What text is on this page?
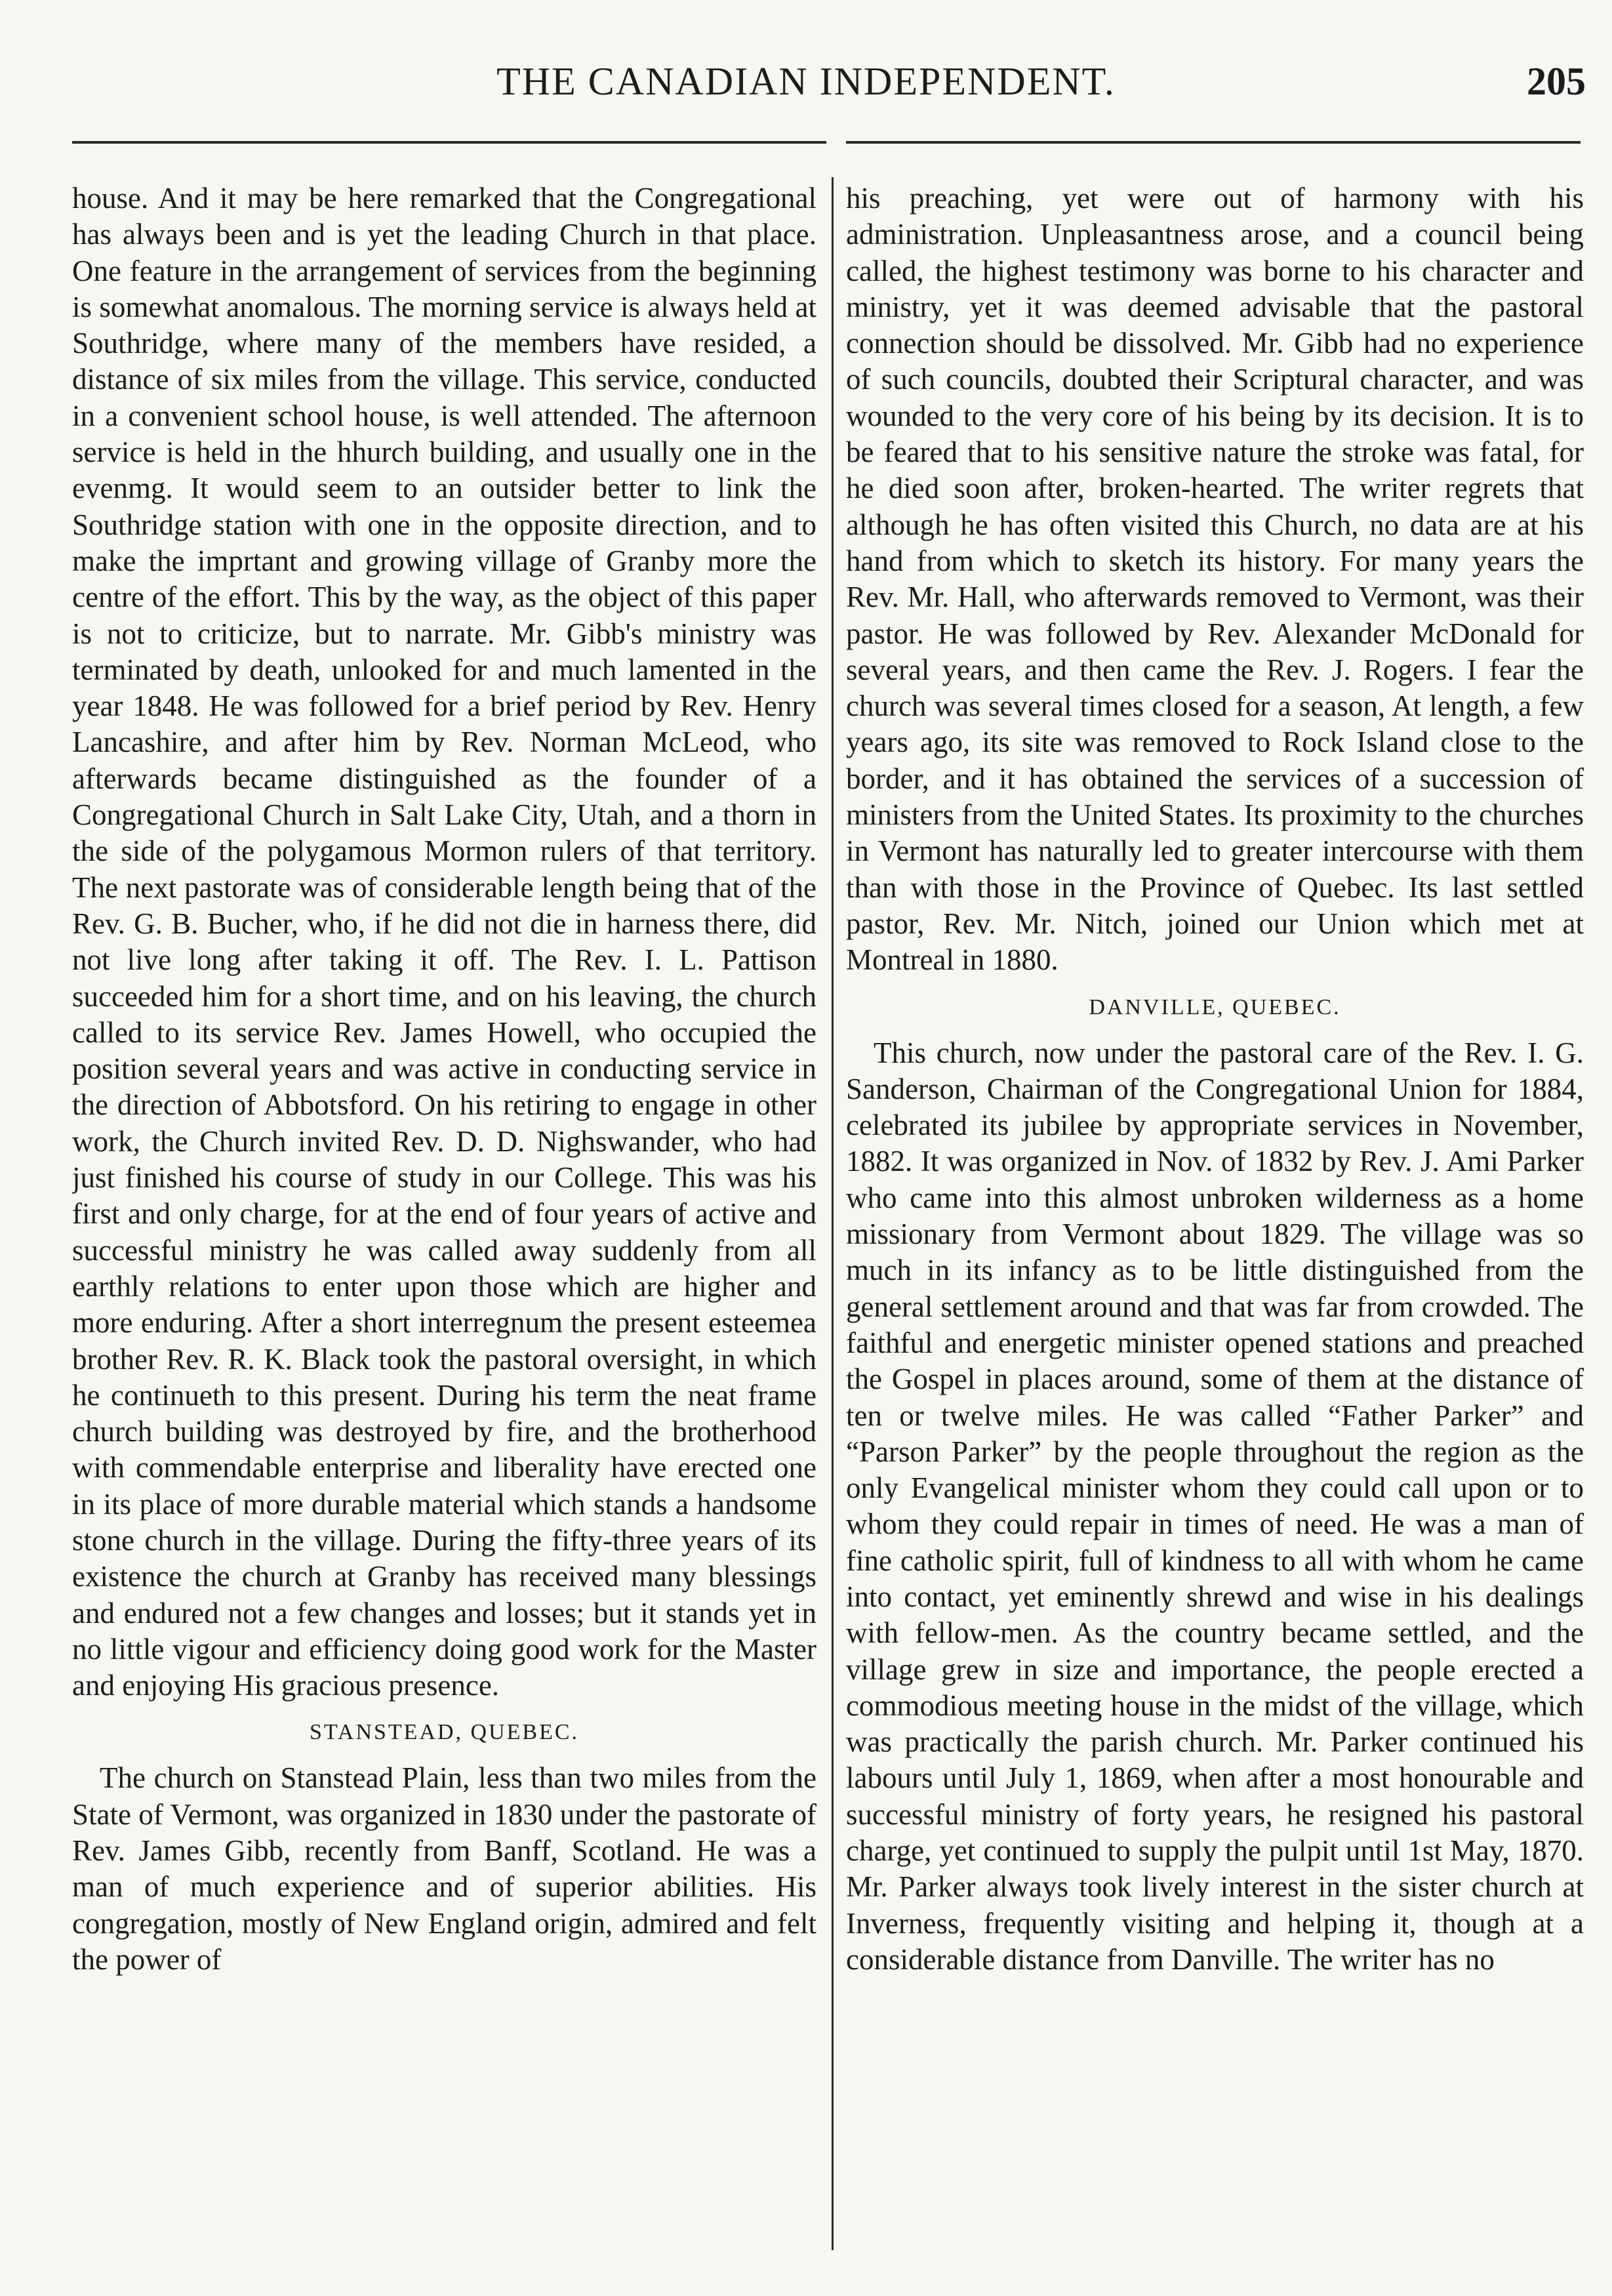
THE CANADIAN INDEPENDENT.	205

house. And it may be here remarked that the Congregational has always been and is yet the leading Church in that place. One feature in the arrangement of services from the beginning is somewhat anomalous. The morning service is always held at Southridge, where many of the members have resided, a distance of six miles from the village. This service, conducted in a convenient school house, is well attended. The afternoon service is held in the hhurch building, and usually one in the evenmg. It would seem to an outsider better to link the Southridge station with one in the opposite direction, and to make the imprtant and growing village of Granby more the centre of the effort. This by the way, as the object of this paper is not to criticize, but to narrate. Mr. Gibb's ministry was terminated by death, unlooked for and much lamented in the year 1848. He was followed for a brief period by Rev. Henry Lancashire, and after him by Rev. Norman McLeod, who afterwards became distinguished as the founder of a Congregational Church in Salt Lake City, Utah, and a thorn in the side of the polygamous Mormon rulers of that territory. The next pastorate was of considerable length being that of the Rev. G. B. Bucher, who, if he did not die in harness there, did not live long after taking it off. The Rev. I. L. Pattison succeeded him for a short time, and on his leaving, the church called to its service Rev. James Howell, who occupied the position several years and was active in conducting service in the direction of Abbotsford. On his retiring to engage in other work, the Church invited Rev. D. D. Nighswander, who had just finished his course of study in our College. This was his first and only charge, for at the end of four years of active and successful ministry he was called away suddenly from all earthly relations to enter upon those which are higher and more enduring. After a short interregnum the present esteemea brother Rev. R. K. Black took the pastoral oversight, in which he continueth to this present. During his term the neat frame church building was destroyed by fire, and the brotherhood with commendable enterprise and liberality have erected one in its place of more durable material which stands a handsome stone church in the village. During the fifty-three years of its existence the church at Granby has received many blessings and endured not a few changes and losses; but it stands yet in no little vigour and efficiency doing good work for the Master and enjoying His gracious presence.

STANSTEAD, QUEBEC.

The church on Stanstead Plain, less than two miles from the State of Vermont, was organized in 1830 under the pastorate of Rev. James Gibb, recently from Banff, Scotland. He was a man of much experience and of superior abilities. His congregation, mostly of New England origin, admired and felt the power of

his preaching, yet were out of harmony with his administration. Unpleasantness arose, and a council being called, the highest testimony was borne to his character and ministry, yet it was deemed advisable that the pastoral connection should be dissolved. Mr. Gibb had no experience of such councils, doubted their Scriptural character, and was wounded to the very core of his being by its decision. It is to be feared that to his sensitive nature the stroke was fatal, for he died soon after, broken-hearted. The writer regrets that although he has often visited this Church, no data are at his hand from which to sketch its history. For many years the Rev. Mr. Hall, who afterwards removed to Vermont, was their pastor. He was followed by Rev. Alexander McDonald for several years, and then came the Rev. J. Rogers. I fear the church was several times closed for a season, At length, a few years ago, its site was removed to Rock Island close to the border, and it has obtained the services of a succession of ministers from the United States. Its proximity to the churches in Vermont has naturally led to greater intercourse with them than with those in the Province of Quebec. Its last settled pastor, Rev. Mr. Nitch, joined our Union which met at Montreal in 1880.

DANVILLE, QUEBEC.

This church, now under the pastoral care of the Rev. I. G. Sanderson, Chairman of the Congregational Union for 1884, celebrated its jubilee by appropriate services in November, 1882. It was organized in Nov. of 1832 by Rev. J. Ami Parker who came into this almost unbroken wilderness as a home missionary from Vermont about 1829. The village was so much in its infancy as to be little distinguished from the general settlement around and that was far from crowded. The faithful and energetic minister opened stations and preached the Gospel in places around, some of them at the distance of ten or twelve miles. He was called “Father Parker” and “Parson Parker” by the people throughout the region as the only Evangelical minister whom they could call upon or to whom they could repair in times of need. He was a man of fine catholic spirit, full of kindness to all with whom he came into contact, yet eminently shrewd and wise in his dealings with fellow-men. As the country became settled, and the village grew in size and importance, the people erected a commodious meeting house in the midst of the village, which was practically the parish church. Mr. Parker continued his labours until July 1, 1869, when after a most honourable and successful ministry of forty years, he resigned his pastoral charge, yet continued to supply the pulpit until 1st May, 1870. Mr. Parker always took lively interest in the sister church at Inverness, frequently visiting and helping it, though at a considerable distance from Danville. The writer has no
